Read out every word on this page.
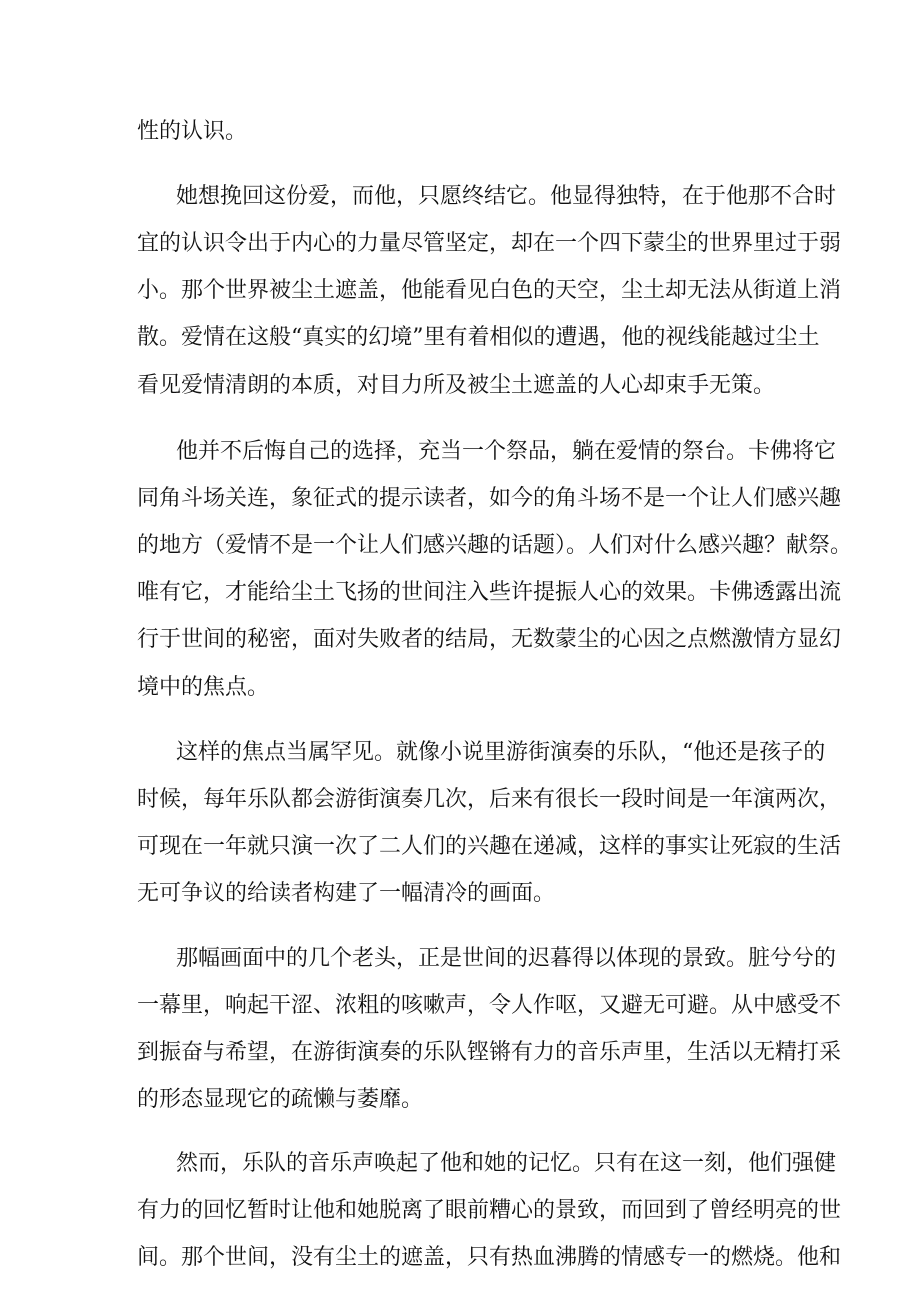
性的认识。
她想挽回这份爱，而他，只愿终结它。他显得独特，在于他那不合时
宜的认识令出于内心的力量尽管坚定，却在一个四下蒙尘的世界里过于弱
小。那个世界被尘土遮盖，他能看见白色的天空，尘土却无法从街道上消
散。爱情在这般“真实的幻境”里有着相似的遭遇，他的视线能越过尘土
看见爱情清朗的本质，对目力所及被尘土遮盖的人心却束手无策。
他并不后悔自己的选择，充当一个祭品，躺在爱情的祭台。卡佛将它
同角斗场关连，象征式的提示读者，如今的角斗场不是一个让人们感兴趣
的地方（爱情不是一个让人们感兴趣的话题）。人们对什么感兴趣？献祭。
唯有它，才能给尘土飞扬的世间注入些许提振人心的效果。卡佛透露出流
行于世间的秘密，面对失败者的结局，无数蒙尘的心因之点燃激情方显幻
境中的焦点。
这样的焦点当属罕见。就像小说里游街演奏的乐队，“他还是孩子的
时候，每年乐队都会游街演奏几次，后来有很长一段时间是一年演两次，
可现在一年就只演一次了二人们的兴趣在递减，这样的事实让死寂的生活
无可争议的给读者构建了一幅清冷的画面。
那幅画面中的几个老头，正是世间的迟暮得以体现的景致。脏兮兮的
一幕里，响起干涩、浓粗的咳嗽声，令人作呕，又避无可避。从中感受不
到振奋与希望，在游街演奏的乐队铿锵有力的音乐声里，生活以无精打采
的形态显现它的疏懒与萎靡。
然而，乐队的音乐声唤起了他和她的记忆。只有在这一刻，他们强健
有力的回忆暂时让他和她脱离了眼前糟心的景致，而回到了曾经明亮的世
间。那个世间，没有尘土的遮盖，只有热血沸腾的情感专一的燃烧。他和
